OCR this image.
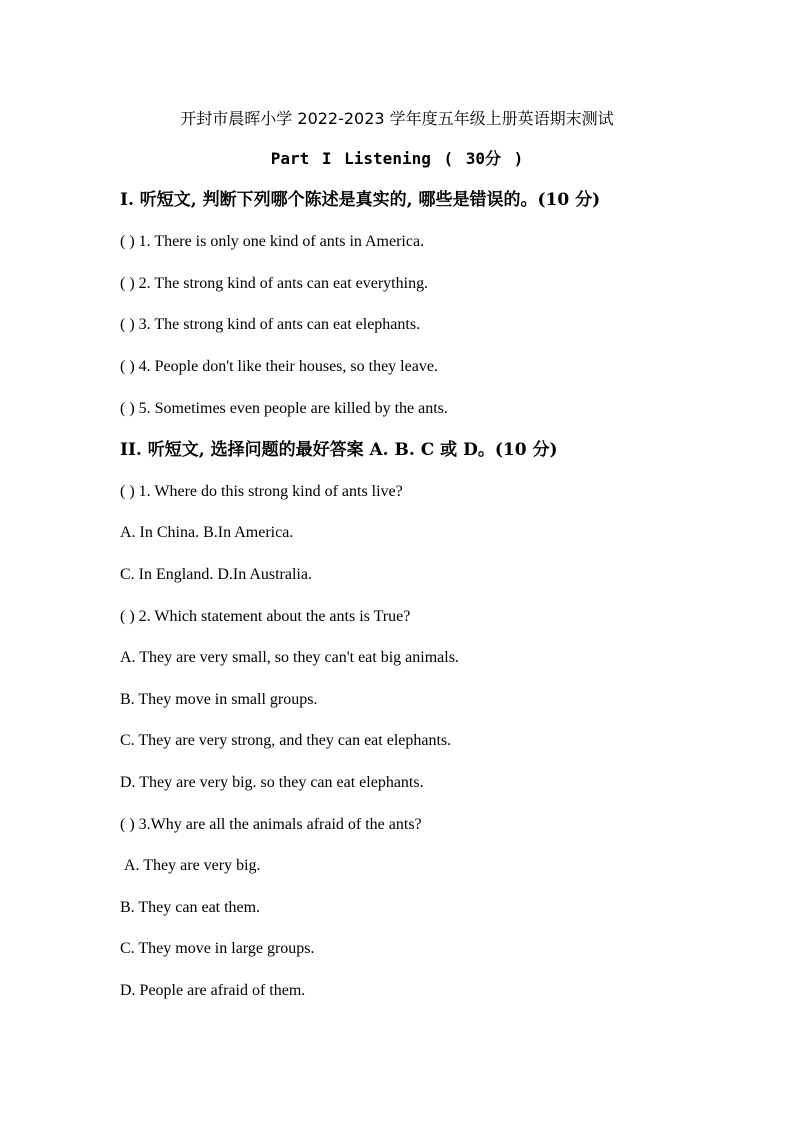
开封市晨晖小学 2022-2023 学年度五年级上册英语期末测试
Part I Listening ( 30分 )
I. 听短文, 判断下列哪个陈述是真实的, 哪些是错误的。(10 分)
( ) 1. There is only one kind of ants in America.
( ) 2. The strong kind of ants can eat everything.
( ) 3. The strong kind of ants can eat elephants.
( ) 4. People don't like their houses, so they leave.
( ) 5. Sometimes even people are killed by the ants.
II. 听短文, 选择问题的最好答案 A. B. C 或 D。(10 分)
( ) 1. Where do this strong kind of ants live?
A. In China. B.In America.
C. In England. D.In Australia.
( ) 2. Which statement about the ants is True?
A. They are very small, so they can't eat big animals.
B. They move in small groups.
C. They are very strong, and they can eat elephants.
D. They are very big. so they can eat elephants.
( ) 3.Why are all the animals afraid of the ants?
A. They are very big.
B. They can eat them.
C. They move in large groups.
D. People are afraid of them.
